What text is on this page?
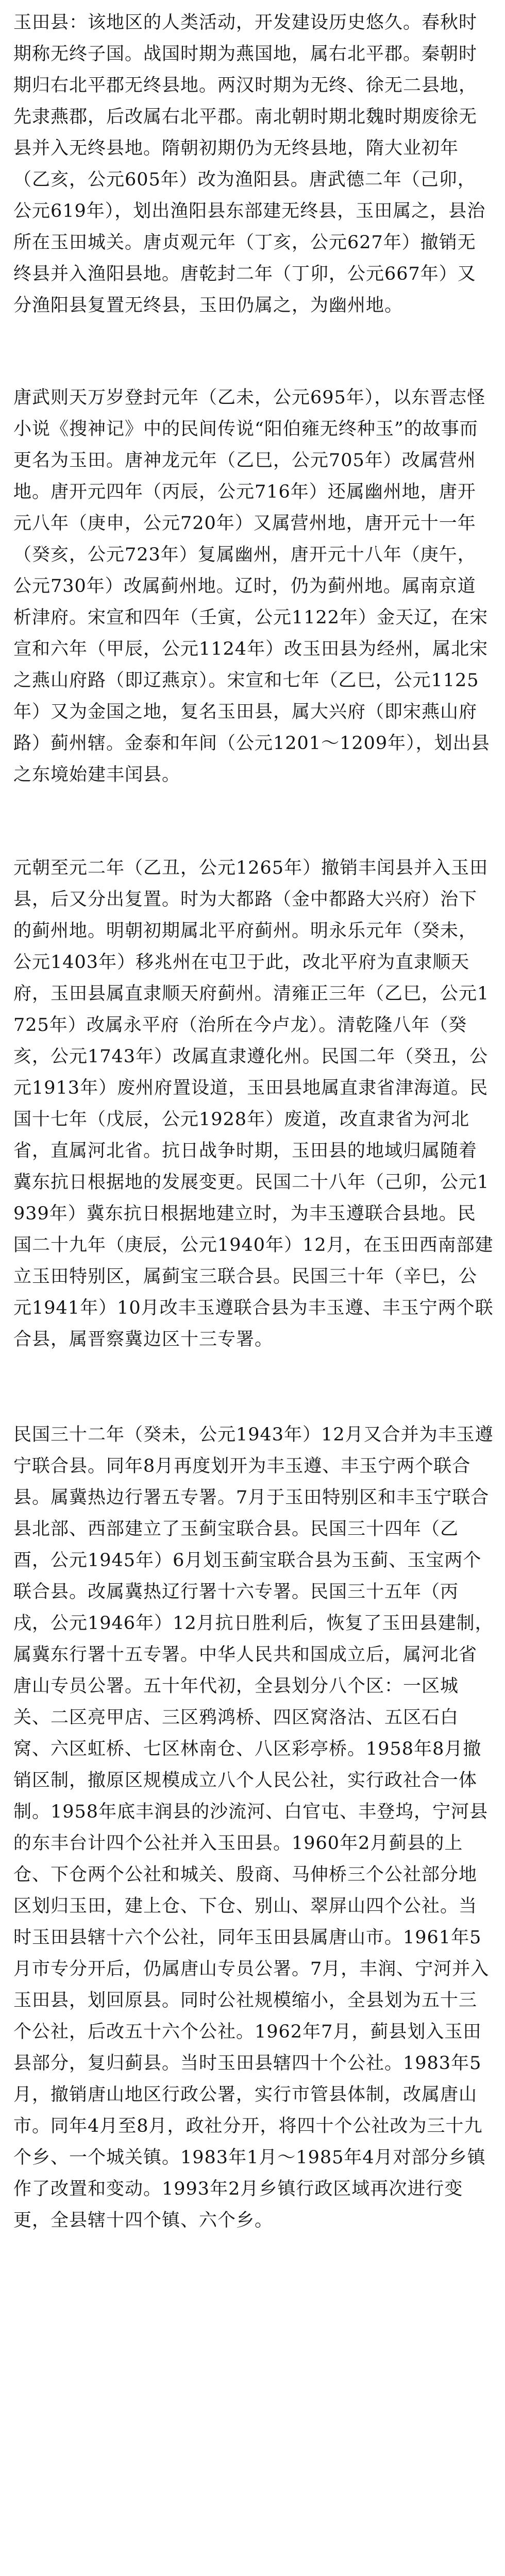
玉田县：该地区的人类活动，开发建设历史悠久。春秋时期称无终子国。战国时期为燕国地，属右北平郡。秦朝时期归右北平郡无终县地。两汉时期为无终、徐无二县地，先隶燕郡，后改属右北平郡。南北朝时期北魏时期废徐无县并入无终县地。隋朝初期仍为无终县地，隋大业初年（乙亥，公元605年）改为渔阳县。唐武德二年（己卯，公元619年），划出渔阳县东部建无终县，玉田属之，县治所在玉田城关。唐贞观元年（丁亥，公元627年）撤销无终县并入渔阳县地。唐乾封二年（丁卯，公元667年）又分渔阳县复置无终县，玉田仍属之，为幽州地。

唐武则天万岁登封元年（乙未，公元695年），以东晋志怪小说《搜神记》中的民间传说“阳伯雍无终种玉”的故事而更名为玉田。唐神龙元年（乙巳，公元705年）改属营州地。唐开元四年（丙辰，公元716年）还属幽州地，唐开元八年（庚申，公元720年）又属营州地，唐开元十一年（癸亥，公元723年）复属幽州，唐开元十八年（庚午，公元730年）改属蓟州地。辽时，仍为蓟州地。属南京道析津府。宋宣和四年（壬寅，公元1122年）金天辽，在宋宣和六年（甲辰，公元1124年）改玉田县为经州，属北宋之燕山府路（即辽燕京）。宋宣和七年（乙巳，公元1125年）又为金国之地，复名玉田县，属大兴府（即宋燕山府路）蓟州辖。金泰和年间（公元1201～1209年），划出县之东境始建丰闰县。

元朝至元二年（乙丑，公元1265年）撤销丰闰县并入玉田县，后又分出复置。时为大都路（金中都路大兴府）治下的蓟州地。明朝初期属北平府蓟州。明永乐元年（癸未，公元1403年）移兆州在屯卫于此，改北平府为直隶顺天府，玉田县属直隶顺天府蓟州。清雍正三年（乙巳，公元1725年）改属永平府（治所在今卢龙）。清乾隆八年（癸亥，公元1743年）改属直隶遵化州。民国二年（癸丑，公元1913年）废州府置设道，玉田县地属直隶省津海道。民国十七年（戊辰，公元1928年）废道，改直隶省为河北省，直属河北省。抗日战争时期，玉田县的地域归属随着冀东抗日根据地的发展变更。民国二十八年（己卯，公元1939年）冀东抗日根据地建立时，为丰玉遵联合县地。民国二十九年（庚辰，公元1940年）12月，在玉田西南部建立玉田特别区，属蓟宝三联合县。民国三十年（辛巳，公元1941年）10月改丰玉遵联合县为丰玉遵、丰玉宁两个联合县，属晋察冀边区十三专署。

民国三十二年（癸未，公元1943年）12月又合并为丰玉遵宁联合县。同年8月再度划开为丰玉遵、丰玉宁两个联合县。属冀热边行署五专署。7月于玉田特别区和丰玉宁联合县北部、西部建立了玉蓟宝联合县。民国三十四年（乙酉，公元1945年）6月划玉蓟宝联合县为玉蓟、玉宝两个联合县。改属冀热辽行署十六专署。民国三十五年（丙戌，公元1946年）12月抗日胜利后，恢复了玉田县建制，属冀东行署十五专署。中华人民共和国成立后，属河北省唐山专员公署。五十年代初，全县划分八个区：一区城关、二区亮甲店、三区鸦鸿桥、四区窝洛沽、五区石白窝、六区虹桥、七区林南仓、八区彩亭桥。1958年8月撤销区制，撤原区规模成立八个人民公社，实行政社合一体制。1958年底丰润县的沙流河、白官屯、丰登坞，宁河县的东丰台计四个公社并入玉田县。1960年2月蓟县的上仓、下仓两个公社和城关、殷商、马伸桥三个公社部分地区划归玉田，建上仓、下仓、别山、翠屏山四个公社。当时玉田县辖十六个公社，同年玉田县属唐山市。1961年5月市专分开后，仍属唐山专员公署。7月，丰润、宁河并入玉田县，划回原县。同时公社规模缩小，全县划为五十三个公社，后改五十六个公社。1962年7月，蓟县划入玉田县部分，复归蓟县。当时玉田县辖四十个公社。1983年5月，撤销唐山地区行政公署，实行市管县体制，改属唐山市。同年4月至8月，政社分开，将四十个公社改为三十九个乡、一个城关镇。1983年1月～1985年4月对部分乡镇作了改置和变动。1993年2月乡镇行政区域再次进行变更，全县辖十四个镇、六个乡。
